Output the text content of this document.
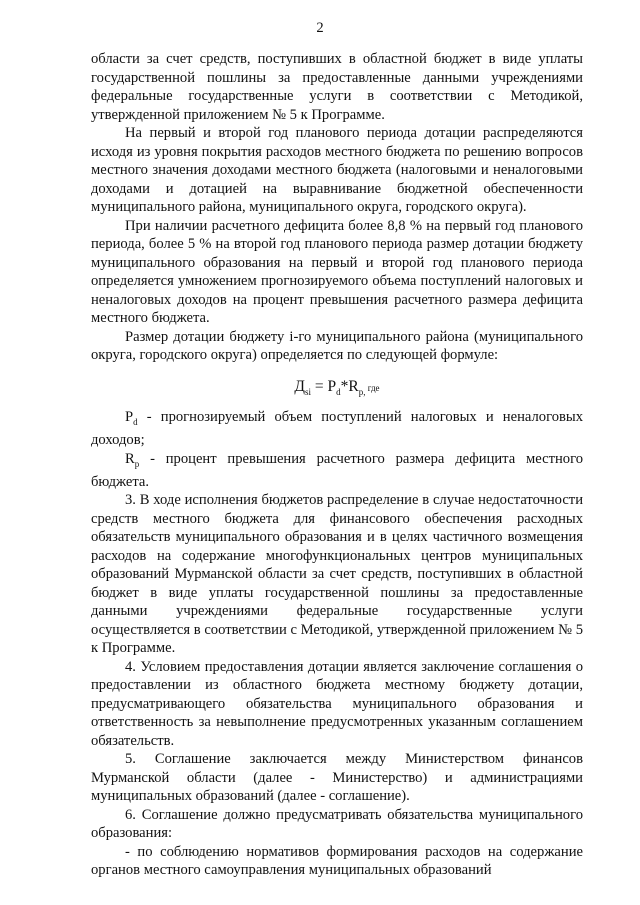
2

области за счет средств, поступивших в областной бюджет в виде уплаты государственной пошлины за предоставленные данными учреждениями федеральные государственные услуги в соответствии с Методикой, утвержденной приложением № 5 к Программе.

На первый и второй год планового периода дотации распределяются исходя из уровня покрытия расходов местного бюджета по решению вопросов местного значения доходами местного бюджета (налоговыми и неналоговыми доходами и дотацией на выравнивание бюджетной обеспеченности муниципального района, муниципального округа, городского округа).

При наличии расчетного дефицита более 8,8 % на первый год планового периода, более 5 % на второй год планового периода размер дотации бюджету муниципального образования на первый и второй год планового периода определяется умножением прогнозируемого объема поступлений налоговых и неналоговых доходов на процент превышения расчетного размера дефицита местного бюджета.

Размер дотации бюджету i-го муниципального района (муниципального округа, городского округа) определяется по следующей формуле:

$Д_{si} = P_d*R_{p,}$ где

$P_d$ - прогнозируемый объем поступлений налоговых и неналоговых доходов;

$R_p$ - процент превышения расчетного размера дефицита местного бюджета.

3. В ходе исполнения бюджетов распределение в случае недостаточности средств местного бюджета для финансового обеспечения расходных обязательств муниципального образования и в целях частичного возмещения расходов на содержание многофункциональных центров муниципальных образований Мурманской области за счет средств, поступивших в областной бюджет в виде уплаты государственной пошлины за предоставленные данными учреждениями федеральные государственные услуги осуществляется в соответствии с Методикой, утвержденной приложением № 5 к Программе.

4. Условием предоставления дотации является заключение соглашения о предоставлении из областного бюджета местному бюджету дотации, предусматривающего обязательства муниципального образования и ответственность за невыполнение предусмотренных указанным соглашением обязательств.

5. Соглашение заключается между Министерством финансов Мурманской области (далее - Министерство) и администрациями муниципальных образований (далее - соглашение).

6. Соглашение должно предусматривать обязательства муниципального образования:

- по соблюдению нормативов формирования расходов на содержание органов местного самоуправления муниципальных образований
